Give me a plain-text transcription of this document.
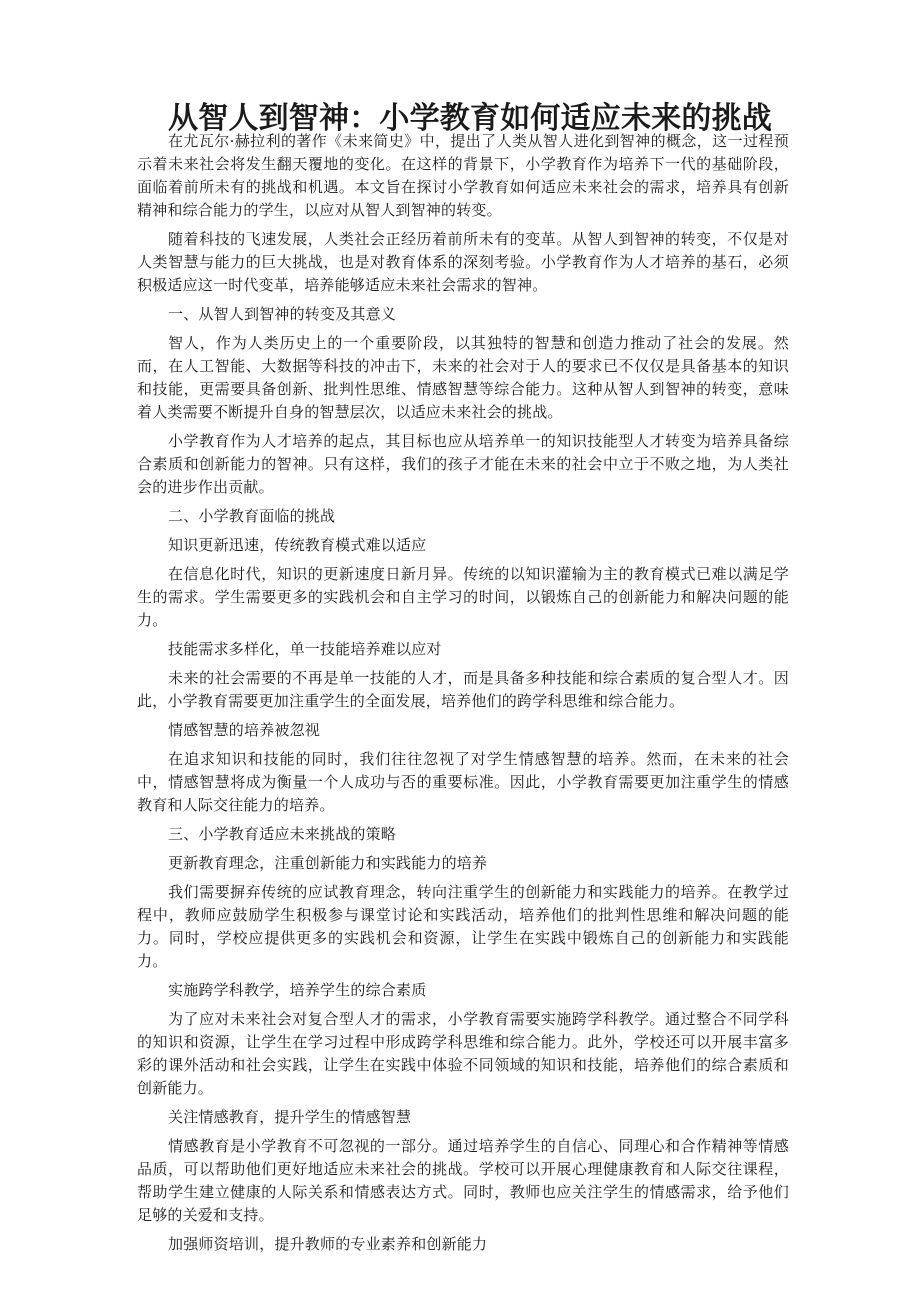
从智人到智神：小学教育如何适应未来的挑战

在尤瓦尔·赫拉利的著作《未来简史》中，提出了人类从智人进化到智神的概念，这一过程预示着未来社会将发生翻天覆地的变化。在这样的背景下，小学教育作为培养下一代的基础阶段，面临着前所未有的挑战和机遇。本文旨在探讨小学教育如何适应未来社会的需求，培养具有创新精神和综合能力的学生，以应对从智人到智神的转变。

随着科技的飞速发展，人类社会正经历着前所未有的变革。从智人到智神的转变，不仅是对人类智慧与能力的巨大挑战，也是对教育体系的深刻考验。小学教育作为人才培养的基石，必须积极适应这一时代变革，培养能够适应未来社会需求的智神。

一、从智人到智神的转变及其意义

智人，作为人类历史上的一个重要阶段，以其独特的智慧和创造力推动了社会的发展。然而，在人工智能、大数据等科技的冲击下，未来的社会对于人的要求已不仅仅是具备基本的知识和技能，更需要具备创新、批判性思维、情感智慧等综合能力。这种从智人到智神的转变，意味着人类需要不断提升自身的智慧层次，以适应未来社会的挑战。

小学教育作为人才培养的起点，其目标也应从培养单一的知识技能型人才转变为培养具备综合素质和创新能力的智神。只有这样，我们的孩子才能在未来的社会中立于不败之地，为人类社会的进步作出贡献。

二、小学教育面临的挑战

知识更新迅速，传统教育模式难以适应

在信息化时代，知识的更新速度日新月异。传统的以知识灌输为主的教育模式已难以满足学生的需求。学生需要更多的实践机会和自主学习的时间，以锻炼自己的创新能力和解决问题的能力。

技能需求多样化，单一技能培养难以应对

未来的社会需要的不再是单一技能的人才，而是具备多种技能和综合素质的复合型人才。因此，小学教育需要更加注重学生的全面发展，培养他们的跨学科思维和综合能力。

情感智慧的培养被忽视

在追求知识和技能的同时，我们往往忽视了对学生情感智慧的培养。然而，在未来的社会中，情感智慧将成为衡量一个人成功与否的重要标准。因此，小学教育需要更加注重学生的情感教育和人际交往能力的培养。

三、小学教育适应未来挑战的策略

更新教育理念，注重创新能力和实践能力的培养

我们需要摒弃传统的应试教育理念，转向注重学生的创新能力和实践能力的培养。在教学过程中，教师应鼓励学生积极参与课堂讨论和实践活动，培养他们的批判性思维和解决问题的能力。同时，学校应提供更多的实践机会和资源，让学生在实践中锻炼自己的创新能力和实践能力。

实施跨学科教学，培养学生的综合素质

为了应对未来社会对复合型人才的需求，小学教育需要实施跨学科教学。通过整合不同学科的知识和资源，让学生在学习过程中形成跨学科思维和综合能力。此外，学校还可以开展丰富多彩的课外活动和社会实践，让学生在实践中体验不同领域的知识和技能，培养他们的综合素质和创新能力。

关注情感教育，提升学生的情感智慧

情感教育是小学教育不可忽视的一部分。通过培养学生的自信心、同理心和合作精神等情感品质，可以帮助他们更好地适应未来社会的挑战。学校可以开展心理健康教育和人际交往课程，帮助学生建立健康的人际关系和情感表达方式。同时，教师也应关注学生的情感需求，给予他们足够的关爱和支持。

加强师资培训，提升教师的专业素养和创新能力
